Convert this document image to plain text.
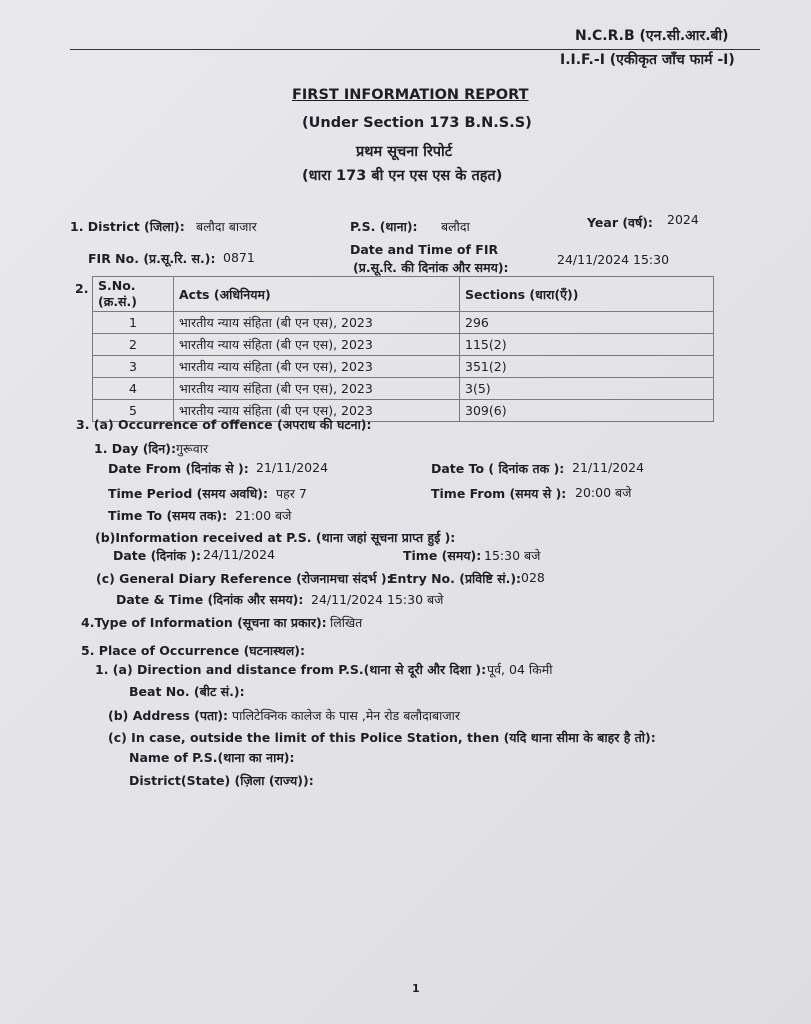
N.C.R.B (एन.सी.आर.बी)
I.I.F.-I (एकीकृत जाँच फार्म -I)
FIRST INFORMATION REPORT
(Under Section 173 B.N.S.S)
प्रथम सूचना रिपोर्ट
(धारा 173 बी एन एस एस के तहत)
1. District (जिला): बलौदा बाजार	P.S. (थाना): बलौदा	Year (वर्ष): 2024
FIR No. (प्र.सू.रि. स.): 0871
Date and Time of FIR
(प्र.सू.रि. की दिनांक और समय):
24/11/2024 15:30
2. S.No. (क्र.सं.)	Acts (अधिनियम)	Sections (धारा(एँ))
1	भारतीय न्याय संहिता (बी एन एस), 2023	296
2	भारतीय न्याय संहिता (बी एन एस), 2023	115(2)
3	भारतीय न्याय संहिता (बी एन एस), 2023	351(2)
4	भारतीय न्याय संहिता (बी एन एस), 2023	3(5)
5	भारतीय न्याय संहिता (बी एन एस), 2023	309(6)
3. (a) Occurrence of offence (अपराध की घटना):
1. Day (दिन): गुरूवार
Date From (दिनांक से ): 21/11/2024	Date To ( दिनांक तक ): 21/11/2024
Time Period (समय अवधि): पहर 7	Time From (समय से ): 20:00 बजे
Time To (समय तक): 21:00 बजे
(b)Information received at P.S. (थाना जहां सूचना प्राप्त हुई ):
Date (दिनांक ): 24/11/2024	Time (समय): 15:30 बजे
(c) General Diary Reference (रोजनामचा संदर्भ ):
Entry No. (प्रविष्टि सं.): 028
Date & Time (दिनांक और समय): 24/11/2024 15:30 बजे
4.Type of Information (सूचना का प्रकार): लिखित
5. Place of Occurrence (घटनास्थल):
1. (a) Direction and distance from P.S.(थाना से दूरी और दिशा ): पूर्व, 04 किमी
Beat No. (बीट सं.):
(b) Address (पता): पालिटेक्निक कालेज के पास ,मेन रोड बलौदाबाजार
(c) In case, outside the limit of this Police Station, then (यदि थाना सीमा के बाहर है तो):
Name of P.S.(थाना का नाम):
District(State) (ज़िला (राज्य)):
1
